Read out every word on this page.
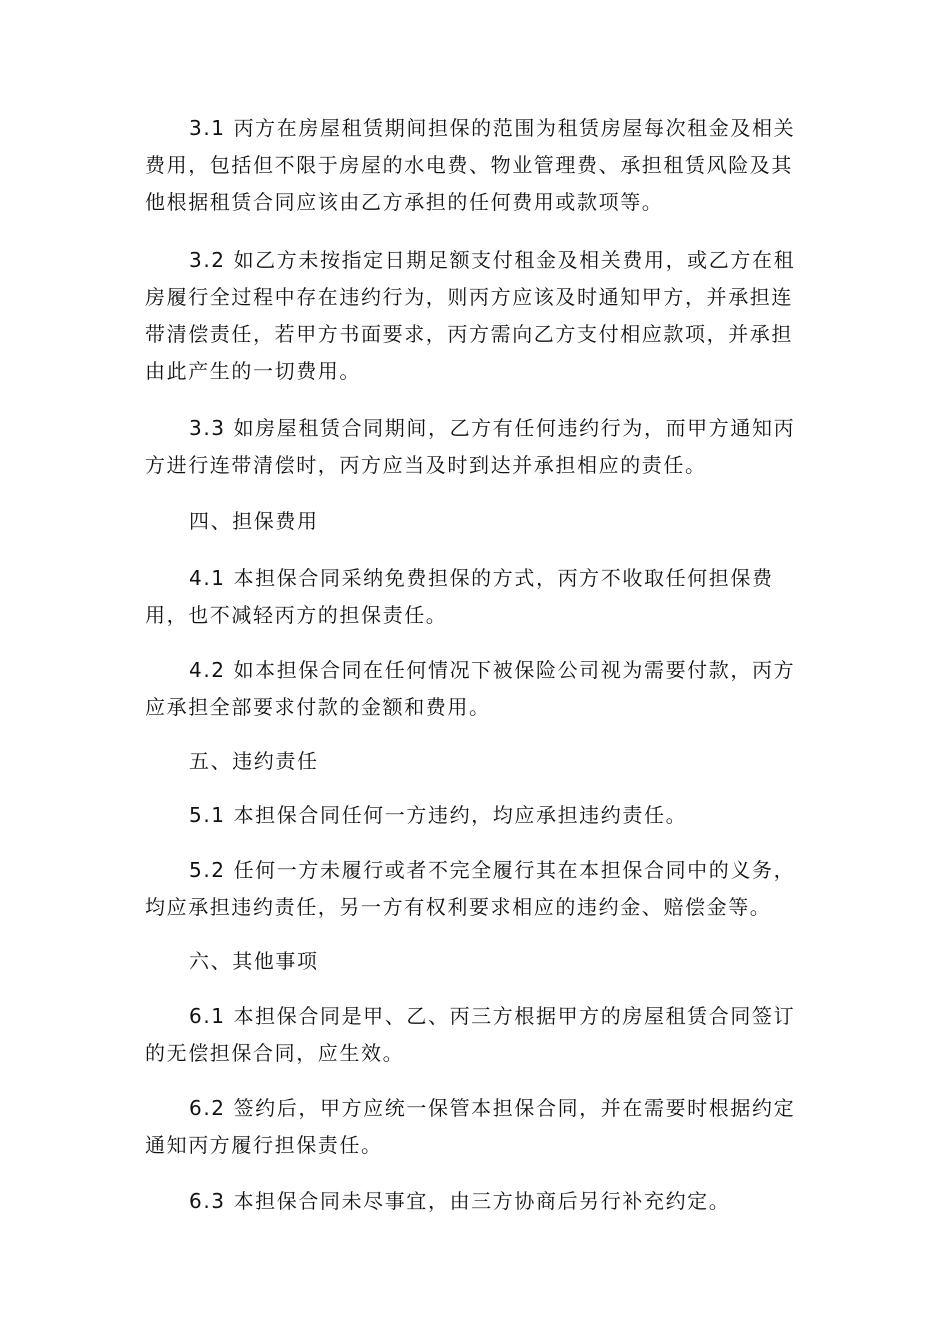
3.1 丙方在房屋租赁期间担保的范围为租赁房屋每次租金及相关费用，包括但不限于房屋的水电费、物业管理费、承担租赁风险及其他根据租赁合同应该由乙方承担的任何费用或款项等。

3.2 如乙方未按指定日期足额支付租金及相关费用，或乙方在租房履行全过程中存在违约行为，则丙方应该及时通知甲方，并承担连带清偿责任，若甲方书面要求，丙方需向乙方支付相应款项，并承担由此产生的一切费用。

3.3 如房屋租赁合同期间，乙方有任何违约行为，而甲方通知丙方进行连带清偿时，丙方应当及时到达并承担相应的责任。

四、担保费用

4.1 本担保合同采纳免费担保的方式，丙方不收取任何担保费用，也不减轻丙方的担保责任。

4.2 如本担保合同在任何情况下被保险公司视为需要付款，丙方应承担全部要求付款的金额和费用。

五、违约责任

5.1 本担保合同任何一方违约，均应承担违约责任。

5.2 任何一方未履行或者不完全履行其在本担保合同中的义务，均应承担违约责任，另一方有权利要求相应的违约金、赔偿金等。

六、其他事项

6.1 本担保合同是甲、乙、丙三方根据甲方的房屋租赁合同签订的无偿担保合同，应生效。

6.2 签约后，甲方应统一保管本担保合同，并在需要时根据约定通知丙方履行担保责任。

6.3 本担保合同未尽事宜，由三方协商后另行补充约定。
